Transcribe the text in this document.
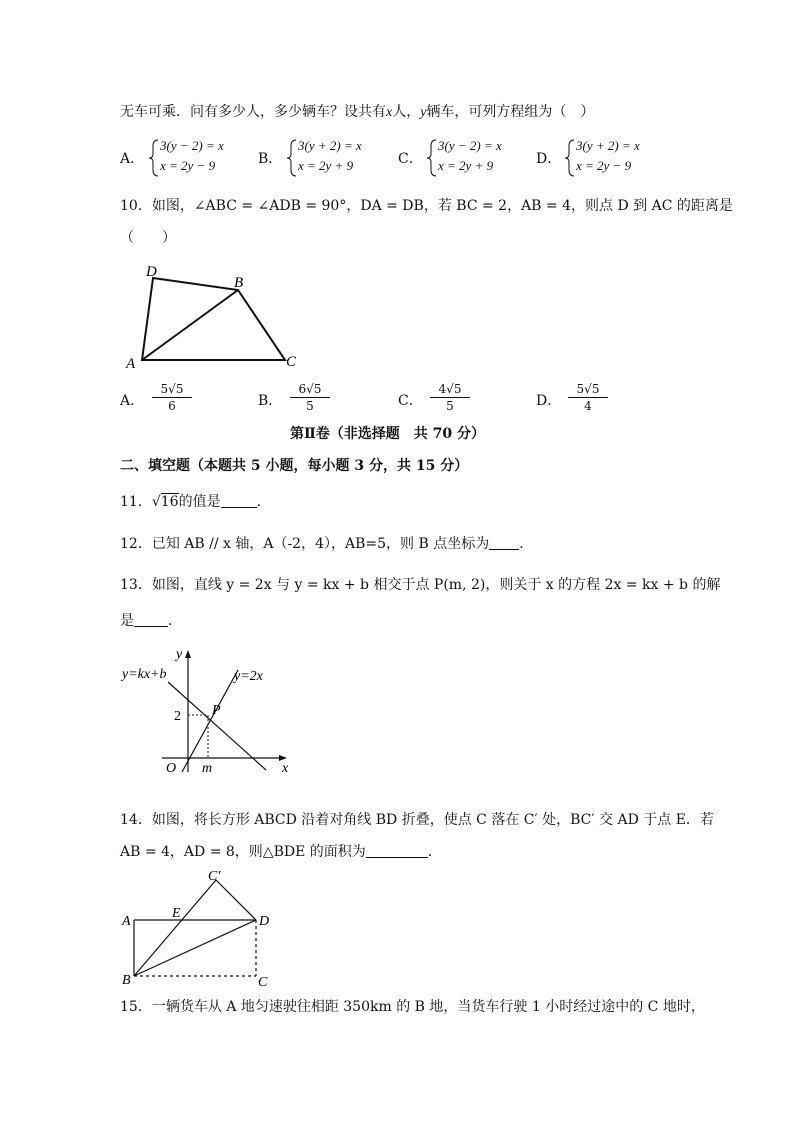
无车可乘．问有多少人，多少辆车？设共有x人，y辆车，可列方程组为（　）
A．
3(y − 2) = x
x = 2y − 9	B．
3(y + 2) = x
x = 2y + 9	C．
3(y − 2) = x
x = 2y + 9	D．
3(y + 2) = x
x = 2y − 9
10．如图，∠ABC = ∠ADB = 90°，DA = DB，若 BC = 2，AB = 4，则点 D 到 AC 的距离是
（　　）
D
B
A	C
A． $\frac{5√5}{6}$	B． $\frac{6√5}{5}$	C． $\frac{4√5}{5}$	D． $\frac{5√5}{4}$
第Ⅱ卷（非选择题　共 70 分）
二、填空题（本题共 5 小题，每小题 3 分，共 15 分）
11．√16的值是	．
12．已知 AB // x 轴，A（-2，4），AB=5，则 B 点坐标为 ．
13．如图，直线 y = 2x 与 y = kx + b 相交于点 P(m, 2)，则关于 x 的方程 2x = kx + b 的解
是 ．
y
x
O m
2 P
y=kx+b	y=2x
14．如图，将长方形 ABCD 沿着对角线 BD 折叠，使点 C 落在 C′ 处，BC′ 交 AD 于点 E．若
AB = 4，AD = 8，则△BDE 的面积为	．
A
B	C
D
E
C′
15．一辆货车从 A 地匀速驶往相距 350km 的 B 地，当货车行驶 1 小时经过途中的 C 地时，
